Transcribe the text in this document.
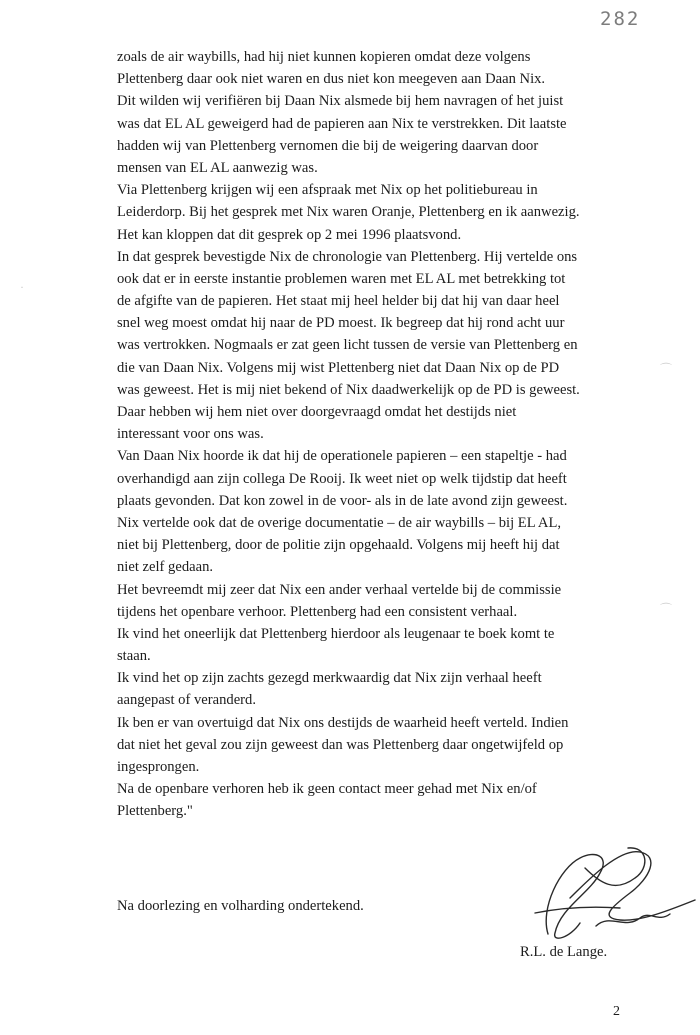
282
zoals de air waybills, had hij niet kunnen kopieren omdat deze volgens
Plettenberg daar ook niet waren en dus niet kon meegeven aan Daan Nix.
Dit wilden wij verifiëren bij Daan Nix alsmede bij hem navragen of het juist
was dat EL AL geweigerd had de papieren aan Nix te verstrekken. Dit laatste
hadden wij van Plettenberg vernomen die bij de weigering daarvan door
mensen van EL AL aanwezig was.
Via Plettenberg krijgen wij een afspraak met Nix op het politiebureau in
Leiderdorp. Bij het gesprek met Nix waren Oranje, Plettenberg en ik aanwezig.
Het kan kloppen dat dit gesprek op 2 mei 1996 plaatsvond.
In dat gesprek bevestigde Nix de chronologie van Plettenberg. Hij vertelde ons
ook dat er in eerste instantie problemen waren met EL AL met betrekking tot
de afgifte van de papieren. Het staat mij heel helder bij dat hij van daar heel
snel weg moest omdat hij naar de PD moest. Ik begreep dat hij rond acht uur
was vertrokken. Nogmaals er zat geen licht tussen de versie van Plettenberg en
die van Daan Nix. Volgens mij wist Plettenberg niet dat Daan Nix op de PD
was geweest. Het is mij niet bekend of Nix daadwerkelijk op de PD is geweest.
Daar hebben wij hem niet over doorgevraagd omdat het destijds niet
interessant voor ons was.
Van Daan Nix hoorde ik dat hij de operationele papieren – een stapeltje - had
overhandigd aan zijn collega De Rooij. Ik weet niet op welk tijdstip dat heeft
plaats gevonden. Dat kon zowel in de voor- als in de late avond zijn geweest.
Nix vertelde ook dat de overige documentatie – de air waybills – bij EL AL,
niet bij Plettenberg, door de politie zijn opgehaald. Volgens mij heeft hij dat
niet zelf gedaan.
Het bevreemdt mij zeer dat Nix een ander verhaal vertelde bij de commissie
tijdens het openbare verhoor. Plettenberg had een consistent verhaal.
Ik vind het oneerlijk dat Plettenberg hierdoor als leugenaar te boek komt te
staan.
Ik vind het op zijn zachts gezegd merkwaardig dat Nix zijn verhaal heeft
aangepast of veranderd.
Ik ben er van overtuigd dat Nix ons destijds de waarheid heeft verteld. Indien
dat niet het geval zou zijn geweest dan was Plettenberg daar ongetwijfeld op
ingesprongen.
Na de openbare verhoren heb ik geen contact meer gehad met Nix en/of
Plettenberg."
Na doorlezing en volharding ondertekend.
R.L. de Lange.
2
·
⌒
⌒
